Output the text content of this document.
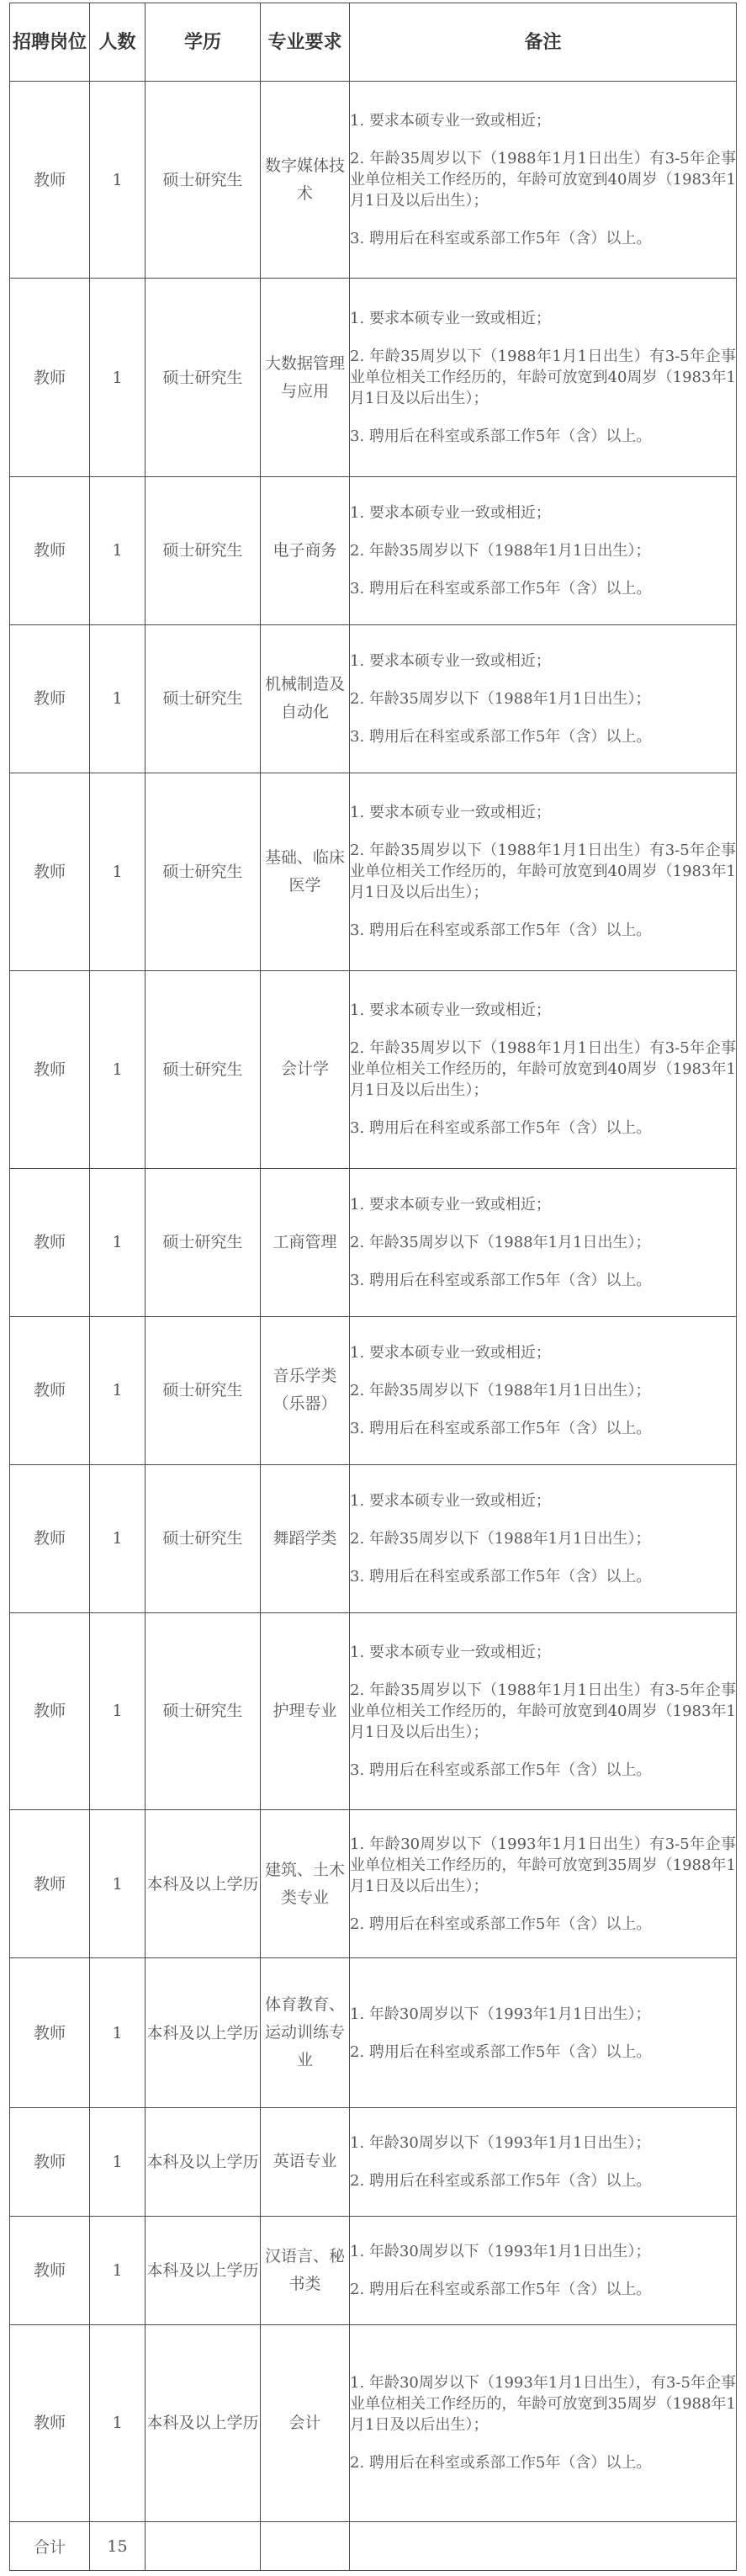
招聘岗位	人数	学历	专业要求	备注
教师	1	硕士研究生	数字媒体技术	1. 要求本硕专业一致或相近；

2. 年龄35周岁以下（1988年1月1日出生）有3-5年企事业单位相关工作经历的，年龄可放宽到40周岁（1983年1月1日及以后出生）；

3. 聘用后在科室或系部工作5年（含）以上。

教师	1	硕士研究生	大数据管理与应用	1. 要求本硕专业一致或相近；

2. 年龄35周岁以下（1988年1月1日出生）有3-5年企事业单位相关工作经历的，年龄可放宽到40周岁（1983年1月1日及以后出生）；

3. 聘用后在科室或系部工作5年（含）以上。

教师	1	硕士研究生	电子商务	1. 要求本硕专业一致或相近；

2. 年龄35周岁以下（1988年1月1日出生）；

3. 聘用后在科室或系部工作5年（含）以上。

教师	1	硕士研究生	机械制造及自动化	1. 要求本硕专业一致或相近；

2. 年龄35周岁以下（1988年1月1日出生）；

3. 聘用后在科室或系部工作5年（含）以上。

教师	1	硕士研究生	基础、临床医学	1. 要求本硕专业一致或相近；

2. 年龄35周岁以下（1988年1月1日出生）有3-5年企事业单位相关工作经历的，年龄可放宽到40周岁（1983年1月1日及以后出生）；

3. 聘用后在科室或系部工作5年（含）以上。

教师	1	硕士研究生	会计学	1. 要求本硕专业一致或相近；

2. 年龄35周岁以下（1988年1月1日出生）有3-5年企事业单位相关工作经历的，年龄可放宽到40周岁（1983年1月1日及以后出生）；

3. 聘用后在科室或系部工作5年（含）以上。

教师	1	硕士研究生	工商管理	1. 要求本硕专业一致或相近；

2. 年龄35周岁以下（1988年1月1日出生）；

3. 聘用后在科室或系部工作5年（含）以上。

教师	1	硕士研究生	音乐学类（乐器）	1. 要求本硕专业一致或相近；

2. 年龄35周岁以下（1988年1月1日出生）；

3. 聘用后在科室或系部工作5年（含）以上。

教师	1	硕士研究生	舞蹈学类	1. 要求本硕专业一致或相近；

2. 年龄35周岁以下（1988年1月1日出生）；

3. 聘用后在科室或系部工作5年（含）以上。

教师	1	硕士研究生	护理专业	1. 要求本硕专业一致或相近；

2. 年龄35周岁以下（1988年1月1日出生）有3-5年企事业单位相关工作经历的，年龄可放宽到40周岁（1983年1月1日及以后出生）；

3. 聘用后在科室或系部工作5年（含）以上。

教师	1	本科及以上学历	建筑、土木类专业	1. 年龄30周岁以下（1993年1月1日出生）有3-5年企事业单位相关工作经历的，年龄可放宽到35周岁（1988年1月1日及以后出生）；

2. 聘用后在科室或系部工作5年（含）以上。

教师	1	本科及以上学历	体育教育、运动训练专业	1. 年龄30周岁以下（1993年1月1日出生）；

2. 聘用后在科室或系部工作5年（含）以上。

教师	1	本科及以上学历	英语专业	1. 年龄30周岁以下（1993年1月1日出生）；

2. 聘用后在科室或系部工作5年（含）以上。

教师	1	本科及以上学历	汉语言、秘书类	1. 年龄30周岁以下（1993年1月1日出生）；

2. 聘用后在科室或系部工作5年（含）以上。

教师	1	本科及以上学历	会计	1. 年龄30周岁以下（1993年1月1日出生），有3-5年企事业单位相关工作经历的，年龄可放宽到35周岁（1988年1月1日及以后出生）；

2. 聘用后在科室或系部工作5年（含）以上。

合计	15			
